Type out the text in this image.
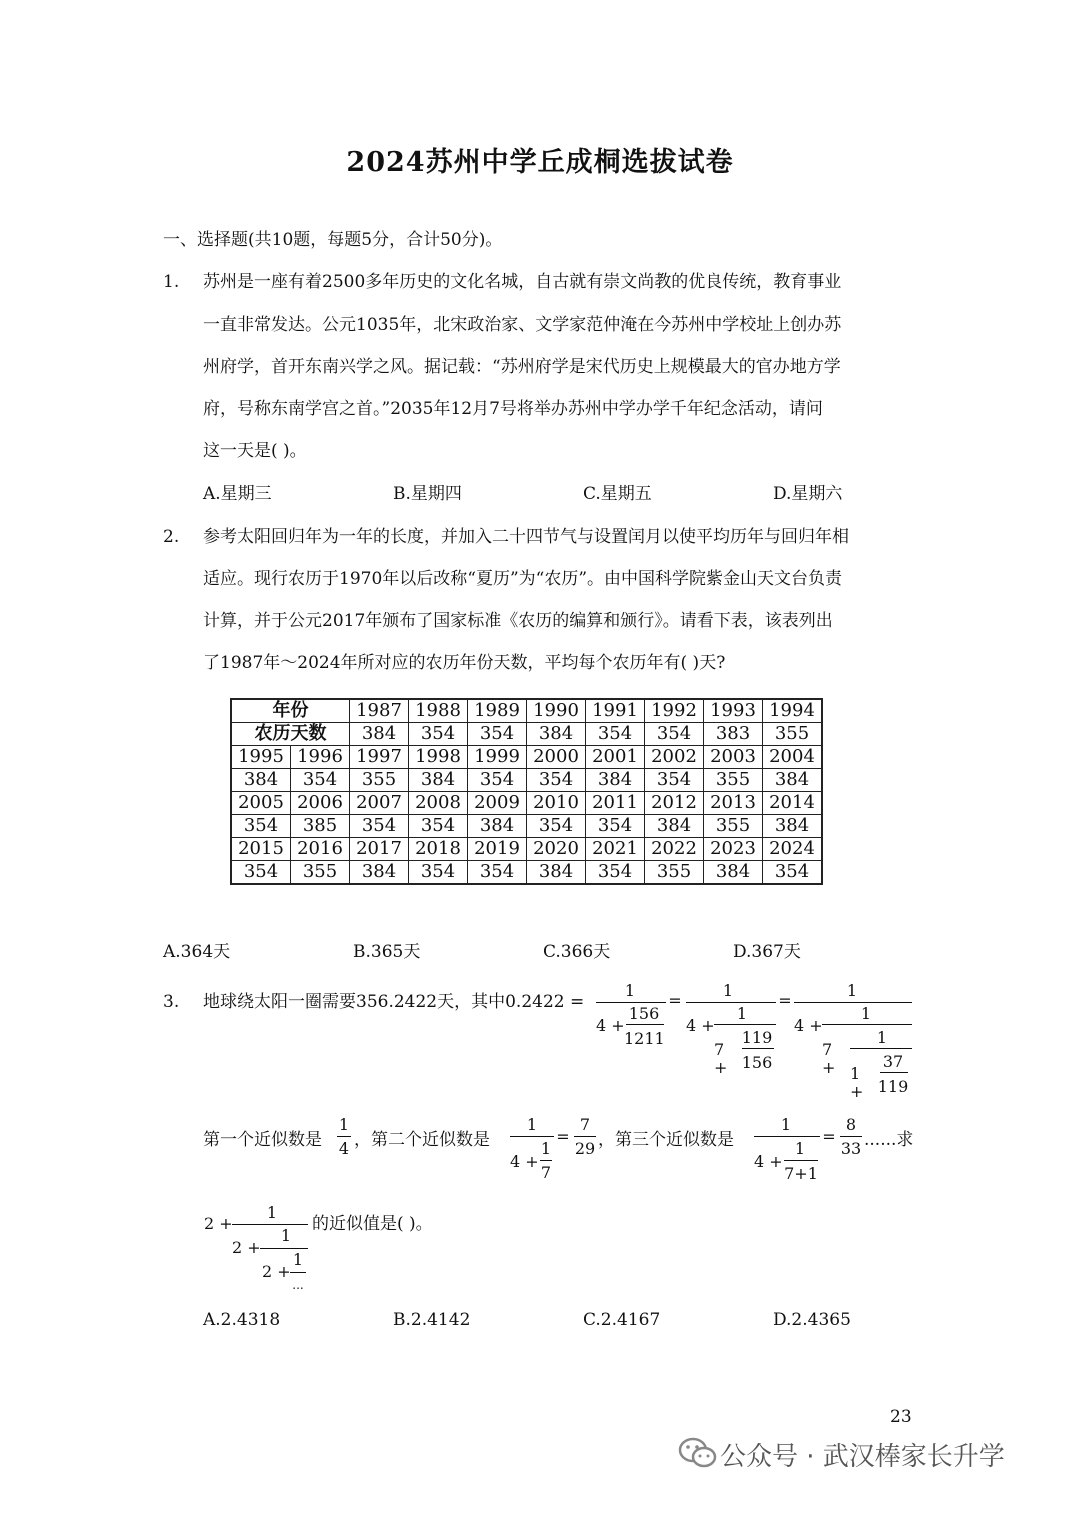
2024苏州中学丘成桐选拔试卷
一、选择题(共10题，每题5分，合计50分)。
1. 苏州是一座有着2500多年历史的文化名城，自古就有崇文尚教的优良传统，教育事业
一直非常发达。公元1035年，北宋政治家、文学家范仲淹在今苏州中学校址上创办苏
州府学，首开东南兴学之风。据记载：“苏州府学是宋代历史上规模最大的官办地方学
府，号称东南学宫之首。”2035年12月7号将举办苏州中学办学千年纪念活动，请问
这一天是( )。
A.星期三	B.星期四	C.星期五	D.星期六
2. 参考太阳回归年为一年的长度，并加入二十四节气与设置闰月以使平均历年与回归年相
适应。现行农历于1970年以后改称“夏历”为“农历”。由中国科学院紫金山天文台负责
计算，并于公元2017年颁布了国家标准《农历的编算和颁行》。请看下表，该表列出
了1987年～2024年所对应的农历年份天数，平均每个农历年有( )天?
年份		1987	1988	1989	1990	1991	1992	1993	1994
农历天数		384	354	354	384	354	354	383	355
1995	1996	1997	1998	1999	2000	2001	2002	2003	2004
384	354	355	384	354	354	384	354	355	384
2005	2006	2007	2008	2009	2010	2011	2012	2013	2014
354	385	354	354	384	354	354	384	355	384
2015	2016	2017	2018	2019	2020	2021	2022	2023	2024
354	355	384	354	354	384	354	355	384	354
A.364天	B.365天	C.366天	D.367天
3. 地球绕太阳一圈需要356.2422天，其中0.2422 =
1
4 +
156
1211
=
1
4 +
1
7 +
119
156
=
1
4 +
1
7 +
1
1 +
37
119
第一个近似数是
1
4 ，第二个近似数是
1
4 +
1
7
=
7
29 ，第三个近似数是
1
4 +
1
7+1
=
8
33 ......求
2 +
1
2 +
1
2 +
1
...
的近似值是( )。
A.2.4318	B.2.4142	C.2.4167	D.2.4365
23
公众号 · 武汉棒家长升学
